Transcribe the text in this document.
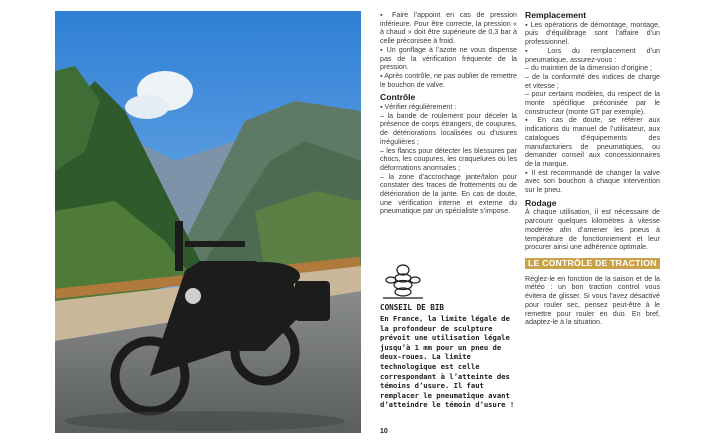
▪ Faire l’appoint en cas de pression inférieure. Pour être correcte, la pression « à chaud » doit être supérieure de 0,3 bar à celle préconisée à froid.

▪ Un gonflage à l’azote ne vous dispense pas de la vérification fréquente de la pression.

▪ Après contrôle, ne pas oublier de remettre le bouchon de valve.

Contrôle

▪ Vérifier régulièrement :

– la bande de roulement pour déceler la présence de corps étrangers, de coupures, de détériorations localisées ou d’usures irrégulières ;

– les flancs pour détecter les blessures par chocs, les coupures, les craquelures ou les déformations anormales ;

– la zone d’accrochage jante/talon pour constater des traces de frottements ou de détérioration de la jante. En cas de doute, une vérification interne et externe du pneumatique par un spécialiste s’impose.

CONSEIL DE BIB

En France, la limite légale de la profondeur de sculpture prévoit une utilisation légale jusqu’à 1 mm pour un pneu de deux-roues. La limite technologique est celle correspondant à l’atteinte des témoins d’usure. Il faut remplacer le pneumatique avant d’atteindre le témoin d’usure !

Remplacement

▪ Les opérations de démontage, montage, puis d’équilibrage sont l’affaire d’un professionnel.

▪ Lors du remplacement d’un pneumatique, assurez-vous :
– du maintien de la dimension d’origine ;
– de la conformité des indices de charge et vitesse ;
– pour certains modèles, du respect de la monte spécifique préconisée par le constructeur (monte GT par exemple).

▪ En cas de doute, se référer aux indications du manuel de l’utilisateur, aux catalogues d’équipements des manufacturiers de pneumatiques, ou demander conseil aux concessionnaires de la marque.

▪ Il est recommandé de changer la valve avec son bouchon à chaque intervention sur le pneu.

Rodage

À chaque utilisation, il est nécessaire de parcourir quelques kilomètres à vitesse modérée afin d’amener les pneus à température de fonctionnement et leur procurer ainsi une adhérence optimale.

LE CONTRÔLE DE TRACTION

Réglez-le en fonction de la saison et de la météo : un bon traction control vous évitera de glisser. Si vous l’avez désactivé pour rouler sec, pensez peut-être à le remettre pour rouler en duo. En bref, adaptez-le à la situation.

10
